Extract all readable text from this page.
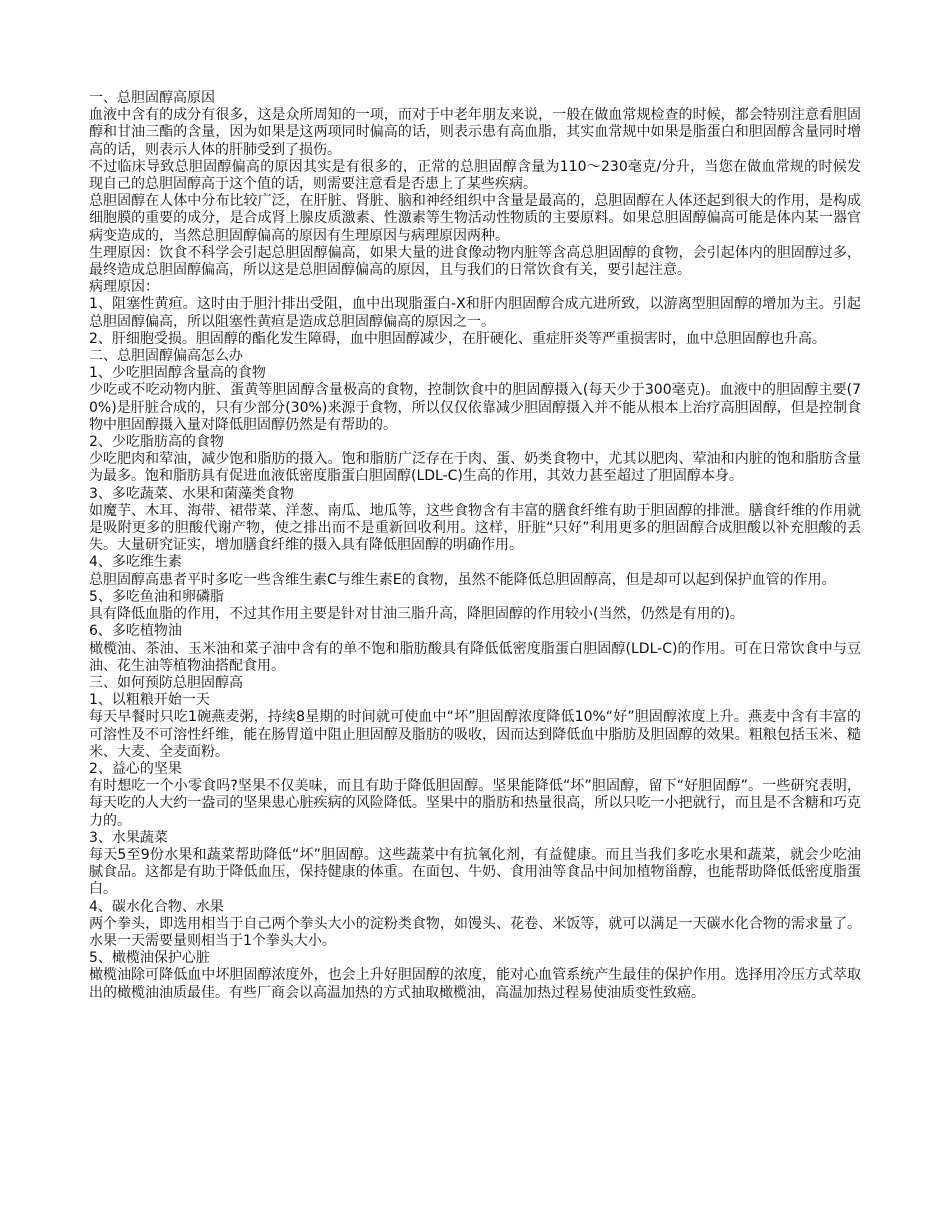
一、总胆固醇高原因

血液中含有的成分有很多，这是众所周知的一项，而对于中老年朋友来说，一般在做血常规检查的时候，都会特别注意看胆固醇和甘油三酯的含量，因为如果是这两项同时偏高的话，则表示患有高血脂，其实血常规中如果是脂蛋白和胆固醇含量同时增高的话，则表示人体的肝肺受到了损伤。

不过临床导致总胆固醇偏高的原因其实是有很多的，正常的总胆固醇含量为110～230毫克/分升，当您在做血常规的时候发现自己的总胆固醇高于这个值的话，则需要注意看是否患上了某些疾病。

总胆固醇在人体中分布比较广泛，在肝脏、肾脏、脑和神经组织中含量是最高的，总胆固醇在人体还起到很大的作用，是构成细胞膜的重要的成分，是合成肾上腺皮质激素、性激素等生物活动性物质的主要原料。如果总胆固醇偏高可能是体内某一器官病变造成的，当然总胆固醇偏高的原因有生理原因与病理原因两种。

生理原因：饮食不科学会引起总胆固醇偏高，如果大量的进食像动物内脏等含高总胆固醇的食物，会引起体内的胆固醇过多，最终造成总胆固醇偏高，所以这是总胆固醇偏高的原因，且与我们的日常饮食有关，要引起注意。

病理原因：

1、阻塞性黄疸。这时由于胆汁排出受阻，血中出现脂蛋白-X和肝内胆固醇合成亢进所致，以游离型胆固醇的增加为主。引起总胆固醇偏高，所以阻塞性黄疸是造成总胆固醇偏高的原因之一。

2、肝细胞受损。胆固醇的酯化发生障碍，血中胆固醇减少，在肝硬化、重症肝炎等严重损害时，血中总胆固醇也升高。

二、总胆固醇偏高怎么办

1、少吃胆固醇含量高的食物

少吃或不吃动物内脏、蛋黄等胆固醇含量极高的食物，控制饮食中的胆固醇摄入(每天少于300毫克)。血液中的胆固醇主要(70%)是肝脏合成的，只有少部分(30%)来源于食物，所以仅仅依靠减少胆固醇摄入并不能从根本上治疗高胆固醇，但是控制食物中胆固醇摄入量对降低胆固醇仍然是有帮助的。

2、少吃脂肪高的食物

少吃肥肉和荤油，减少饱和脂肪的摄入。饱和脂肪广泛存在于肉、蛋、奶类食物中，尤其以肥肉、荤油和内脏的饱和脂肪含量为最多。饱和脂肪具有促进血液低密度脂蛋白胆固醇(LDL-C)生高的作用，其效力甚至超过了胆固醇本身。

3、多吃蔬菜、水果和菌藻类食物

如魔芋、木耳、海带、裙带菜、洋葱、南瓜、地瓜等，这些食物含有丰富的膳食纤维有助于胆固醇的排泄。膳食纤维的作用就是吸附更多的胆酸代谢产物，使之排出而不是重新回收利用。这样，肝脏“只好”利用更多的胆固醇合成胆酸以补充胆酸的丢失。大量研究证实，增加膳食纤维的摄入具有降低胆固醇的明确作用。

4、多吃维生素

总胆固醇高患者平时多吃一些含维生素C与维生素E的食物，虽然不能降低总胆固醇高，但是却可以起到保护血管的作用。

5、多吃鱼油和卵磷脂

具有降低血脂的作用，不过其作用主要是针对甘油三脂升高，降胆固醇的作用较小(当然，仍然是有用的)。

6、多吃植物油

橄榄油、茶油、玉米油和菜子油中含有的单不饱和脂肪酸具有降低低密度脂蛋白胆固醇(LDL-C)的作用。可在日常饮食中与豆油、花生油等植物油搭配食用。

三、如何预防总胆固醇高

1、以粗粮开始一天

每天早餐时只吃1碗燕麦粥，持续8星期的时间就可使血中“坏”胆固醇浓度降低10%“好”胆固醇浓度上升。燕麦中含有丰富的可溶性及不可溶性纤维，能在肠胃道中阻止胆固醇及脂肪的吸收，因而达到降低血中脂肪及胆固醇的效果。粗粮包括玉米、糙米、大麦、全麦面粉。

2、益心的坚果

有时想吃一个小零食吗?坚果不仅美味，而且有助于降低胆固醇。坚果能降低“坏”胆固醇，留下“好胆固醇”。一些研究表明，每天吃的人大约一盎司的坚果患心脏疾病的风险降低。坚果中的脂肪和热量很高，所以只吃一小把就行，而且是不含糖和巧克力的。

3、水果蔬菜

每天5至9份水果和蔬菜帮助降低“坏”胆固醇。这些蔬菜中有抗氧化剂，有益健康。而且当我们多吃水果和蔬菜，就会少吃油腻食品。这都是有助于降低血压，保持健康的体重。在面包、牛奶、食用油等食品中间加植物甾醇，也能帮助降低低密度脂蛋白。

4、碳水化合物、水果

两个拳头，即选用相当于自己两个拳头大小的淀粉类食物，如馒头、花卷、米饭等，就可以满足一天碳水化合物的需求量了。水果一天需要量则相当于1个拳头大小。

5、橄榄油保护心脏

橄榄油除可降低血中坏胆固醇浓度外，也会上升好胆固醇的浓度，能对心血管系统产生最佳的保护作用。选择用冷压方式萃取出的橄榄油油质最佳。有些厂商会以高温加热的方式抽取橄榄油，高温加热过程易使油质变性致癌。
